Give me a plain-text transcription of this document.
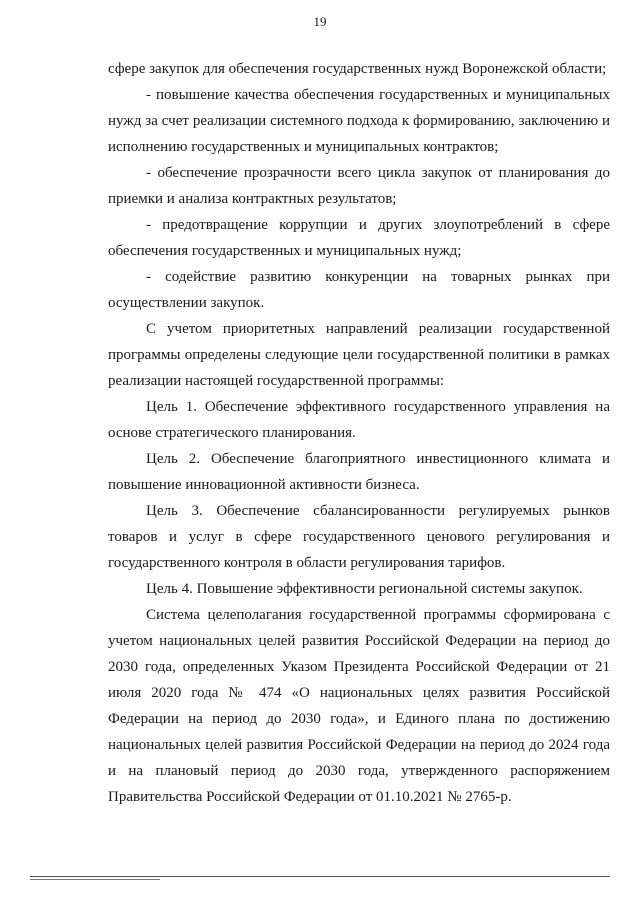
19

сфере закупок для обеспечения государственных нужд Воронежской области;

- повышение качества обеспечения государственных и муниципальных нужд за счет реализации системного подхода к формированию, заключению и исполнению государственных и муниципальных контрактов;

- обеспечение прозрачности всего цикла закупок от планирования до приемки и анализа контрактных результатов;

- предотвращение коррупции и других злоупотреблений в сфере обеспечения государственных и муниципальных нужд;

- содействие развитию конкуренции на товарных рынках при осуществлении закупок.

С учетом приоритетных направлений реализации государственной программы определены следующие цели государственной политики в рамках реализации настоящей государственной программы:

Цель 1. Обеспечение эффективного государственного управления на основе стратегического планирования.

Цель 2. Обеспечение благоприятного инвестиционного климата и повышение инновационной активности бизнеса.

Цель 3. Обеспечение сбалансированности регулируемых рынков товаров и услуг в сфере государственного ценового регулирования и государственного контроля в области регулирования тарифов.

Цель 4. Повышение эффективности региональной системы закупок.

Система целеполагания государственной программы сформирована с учетом национальных целей развития Российской Федерации на период до 2030 года, определенных Указом Президента Российской Федерации от 21 июля 2020 года № 474 «О национальных целях развития Российской Федерации на период до 2030 года», и Единого плана по достижению национальных целей развития Российской Федерации на период до 2024 года и на плановый период до 2030 года, утвержденного распоряжением Правительства Российской Федерации от 01.10.2021 № 2765-р.
